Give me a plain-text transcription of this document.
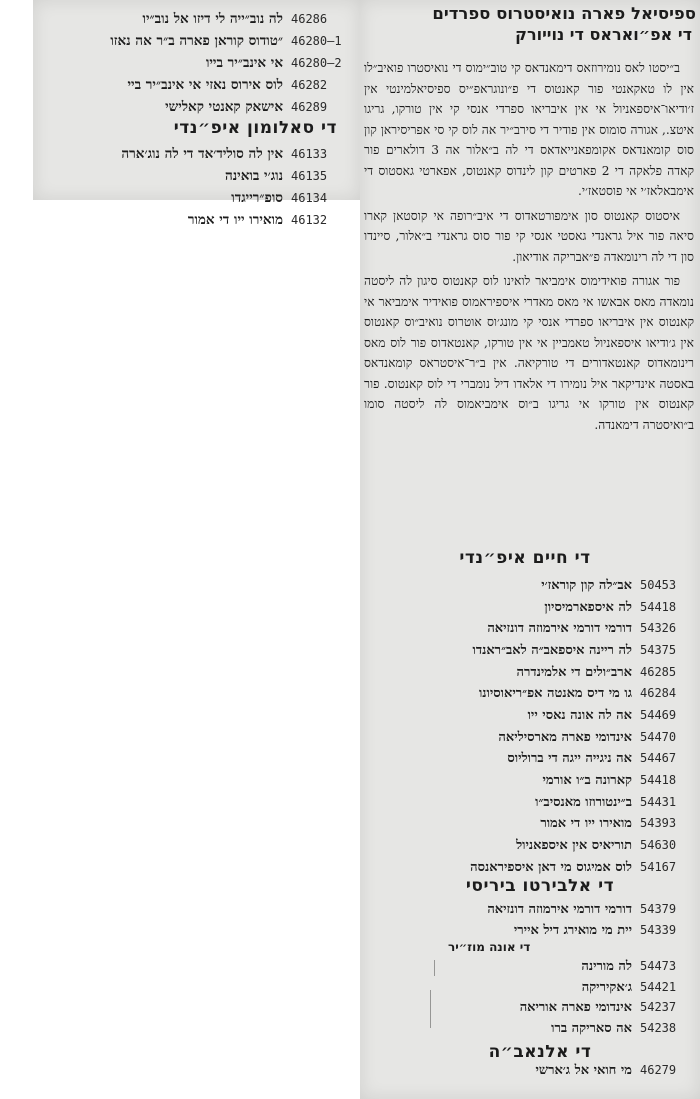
46286
לה נוב״ייה לי דיזו אל נוב״יו
46280—1
״טודוס קוראן פארה ב״ר אה נאזו
46280—2
אי אינב״יר בייו
46282
לוס אירוס נאזי אי אינב״יר ביי
46289
אישאק קאנטי קאלישי
די סאלומון איפ״נדי
46133
אין לה סוליד׳אד די לה נוג׳ארה
46135
נוג׳י בואינה
46134
סופ״רייגדו
46132
מואירו ייו די אמור
ספיסיאל פארה נואיסטרוס ספרדים
די אפ״ואראס די נוייורק

ב״יסטו לאס נומירוזאס דימאנדאס קי טוב״ימוס די נואיסטרו פואיב״לו אין לו טאקאנטי פור קאנטוס די פ״ונוגראפ״יס ספיסיאלמינטי אין ז׳ודיאו־איספאניול אי אין איבריאו ספרדי אנסי קי אין טורקו, גריגו איטצ., אגורה סומוס אין פודיר די סירב״יר אה לוס קי סי אפריסיראן קון סוס קומאנדאס אקומפאנייאדאס די לה ב״אלור אה 3 דולארים פור קאדה פלאקה די 2 פארטים קון לינדוס קאנטוס, אפארטי גאסטוס די אימבאלאז׳י אי פוסטאז׳י.

איסטוס קאנטוס סון אימפורטאדוס די איב״רופה אי קוסטאן קארו סיאה פור איל גראנדי גאסטי אנסי קי פור סוס גראנדי ב״אלור, סיינדו סון די לה רינומאדה פ״אבריקה אודיאון.

פור אגורה פואידימוס אימביאר לואינו לוס קאנטוס סיגון לה ליסטה נומאדה מאס אבאשו אי מאס מאדרי איספיראמוס פואידיר אימביאר אי קאנטוס אין איבריאו ספרדי אנסי קי מונג׳וס אוטרוס נואיב״וס קאנטוס אין ג׳ודיאו איספאניול טאמביין אי אין טורקו, קאנטאדוס פור לוס מאס רינומאדוס קאנטאדורים די טורקיאה. אין ב״ר־איסטראס קומאנדאס באסטה אינדיקאר איל נומירו די אלאדו דיל נומברי די לוס קאנטוס. פור קאנטוס אין טורקו אי גריגו ב״וס אימביאמוס לה ליסטה סומו ב״ואיסטרה דימאנדה.

די חיים איפ״נדי
50453
אב״לה קון קוראז׳י
54418
לה איספארמיסיון
54326
דורמי דורמי אירמוזה דונזיאה
54375
לה ריינה איספאב״ה לאב״ראנדו
46285
ארב״ולים די אלמינדרה
46284
גו מי דיס מאנטה אפ״ריאוסיונו
54469
אה לה אונה נאסי ייו
54470
אינדומי פארה מארסיליאה
54467
אה ניגייה ייגה די ברוליוס
54418
קארונה ב״ו אורמי
54431
ב״ינטורוזו מאנסיב״ו
54393
מואירו ייו די אמור
54630
תוריאיס אין איספאניול
54167
לוס אמיגוס מי דאן איספיראנסה
די אלבירטו ביריסי
54379
דורמי דורמי אירמוזה דונזיאה
54339
יית מי מואירג דיל איירי
די אונה מוז״יר
54473
לה מורינה
54421
ג׳אקיריקה
54237
אינדומי פארה אוריאה
54238
אה סאריקה ברו
די אלנאב״ה
46279
מי חואי אל ג׳ארשי
